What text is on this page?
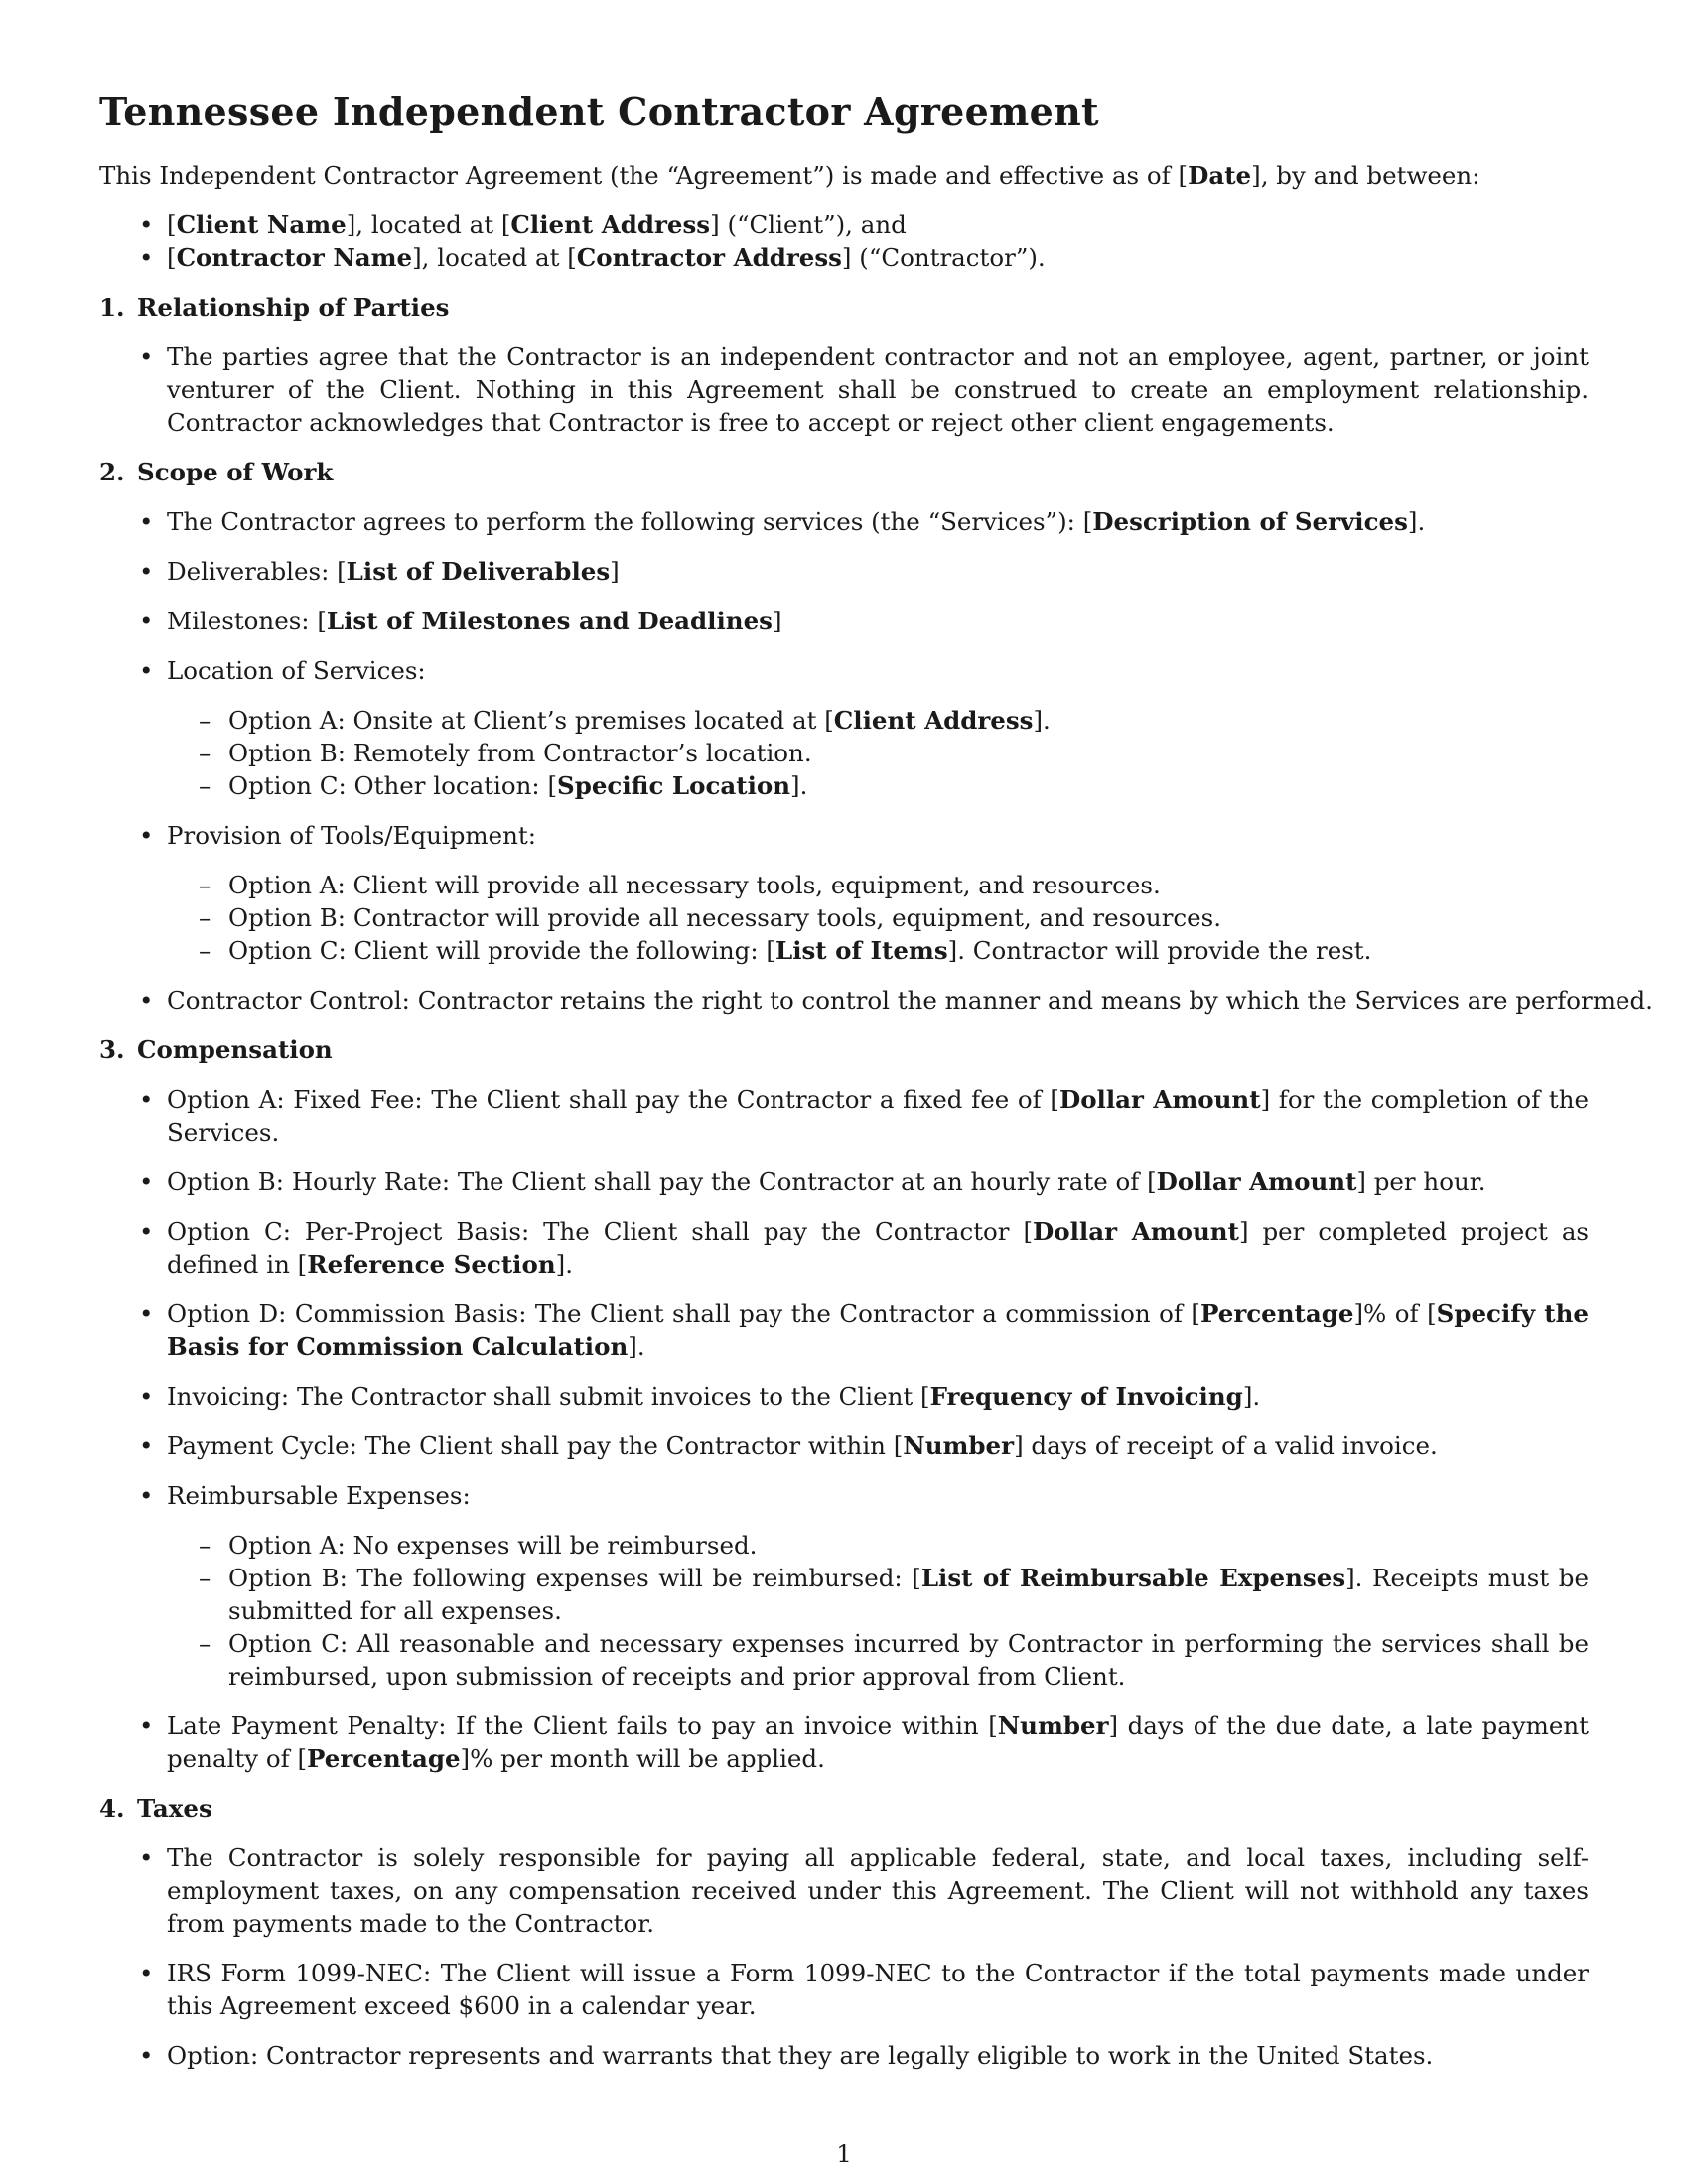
Tennessee Independent Contractor Agreement
This Independent Contractor Agreement (the “Agreement”) is made and effective as of [Date], by and between:
• [Client Name], located at [Client Address] (“Client”), and
• [Contractor Name], located at [Contractor Address] (“Contractor”).
1. Relationship of Parties
• The parties agree that the Contractor is an independent contractor and not an employee, agent, partner, or joint venturer of the Client. Nothing in this Agreement shall be construed to create an employment relationship. Contractor acknowledges that Contractor is free to accept or reject other client engagements.
2. Scope of Work
• The Contractor agrees to perform the following services (the “Services”): [Description of Services].
• Deliverables: [List of Deliverables]
• Milestones: [List of Milestones and Deadlines]
• Location of Services:
– Option A: Onsite at Client’s premises located at [Client Address].
– Option B: Remotely from Contractor’s location.
– Option C: Other location: [Specific Location].
• Provision of Tools/Equipment:
– Option A: Client will provide all necessary tools, equipment, and resources.
– Option B: Contractor will provide all necessary tools, equipment, and resources.
– Option C: Client will provide the following: [List of Items]. Contractor will provide the rest.
• Contractor Control: Contractor retains the right to control the manner and means by which the Services are performed.
3. Compensation
• Option A: Fixed Fee: The Client shall pay the Contractor a fixed fee of [Dollar Amount] for the completion of the Services.
• Option B: Hourly Rate: The Client shall pay the Contractor at an hourly rate of [Dollar Amount] per hour.
• Option C: Per-Project Basis: The Client shall pay the Contractor [Dollar Amount] per completed project as defined in [Reference Section].
• Option D: Commission Basis: The Client shall pay the Contractor a commission of [Percentage]% of [Specify the Basis for Commission Calculation].
• Invoicing: The Contractor shall submit invoices to the Client [Frequency of Invoicing].
• Payment Cycle: The Client shall pay the Contractor within [Number] days of receipt of a valid invoice.
• Reimbursable Expenses:
– Option A: No expenses will be reimbursed.
– Option B: The following expenses will be reimbursed: [List of Reimbursable Expenses]. Receipts must be submitted for all expenses.
– Option C: All reasonable and necessary expenses incurred by Contractor in performing the services shall be reimbursed, upon submission of receipts and prior approval from Client.
• Late Payment Penalty: If the Client fails to pay an invoice within [Number] days of the due date, a late payment penalty of [Percentage]% per month will be applied.
4. Taxes
• The Contractor is solely responsible for paying all applicable federal, state, and local taxes, including self-employment taxes, on any compensation received under this Agreement. The Client will not withhold any taxes from payments made to the Contractor.
• IRS Form 1099-NEC: The Client will issue a Form 1099-NEC to the Contractor if the total payments made under this Agreement exceed $600 in a calendar year.
• Option: Contractor represents and warrants that they are legally eligible to work in the United States.
1
